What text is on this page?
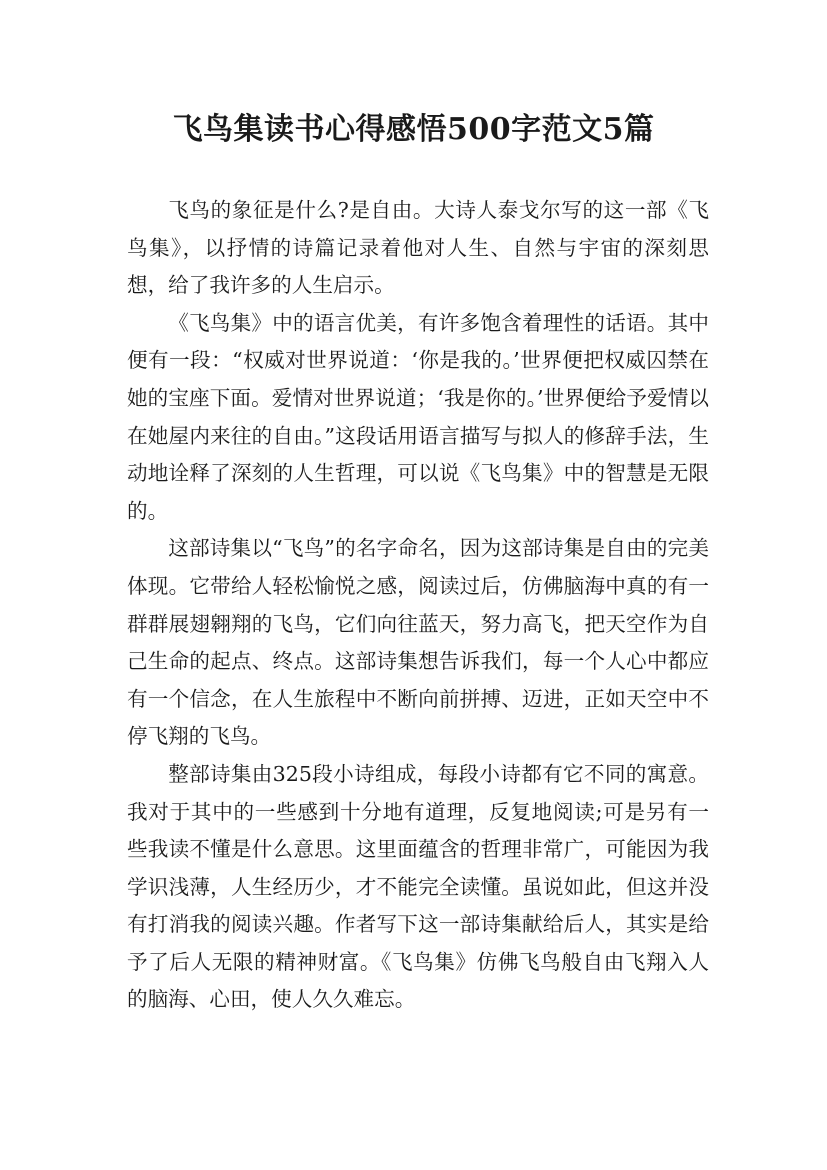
飞鸟集读书心得感悟500字范文5篇

飞鸟的象征是什么?是自由。大诗人泰戈尔写的这一部《飞鸟集》，以抒情的诗篇记录着他对人生、自然与宇宙的深刻思想，给了我许多的人生启示。

《飞鸟集》中的语言优美，有许多饱含着理性的话语。其中便有一段：“权威对世界说道：‘你是我的。’世界便把权威囚禁在她的宝座下面。爱情对世界说道；‘我是你的。’世界便给予爱情以在她屋内来往的自由。”这段话用语言描写与拟人的修辞手法，生动地诠释了深刻的人生哲理，可以说《飞鸟集》中的智慧是无限的。

这部诗集以“飞鸟”的名字命名，因为这部诗集是自由的完美体现。它带给人轻松愉悦之感，阅读过后，仿佛脑海中真的有一群群展翅翱翔的飞鸟，它们向往蓝天，努力高飞，把天空作为自己生命的起点、终点。这部诗集想告诉我们，每一个人心中都应有一个信念，在人生旅程中不断向前拼搏、迈进，正如天空中不停飞翔的飞鸟。

整部诗集由325段小诗组成，每段小诗都有它不同的寓意。我对于其中的一些感到十分地有道理，反复地阅读;可是另有一些我读不懂是什么意思。这里面蕴含的哲理非常广，可能因为我学识浅薄，人生经历少，才不能完全读懂。虽说如此，但这并没有打消我的阅读兴趣。作者写下这一部诗集献给后人，其实是给予了后人无限的精神财富。《飞鸟集》仿佛飞鸟般自由飞翔入人的脑海、心田，使人久久难忘。
